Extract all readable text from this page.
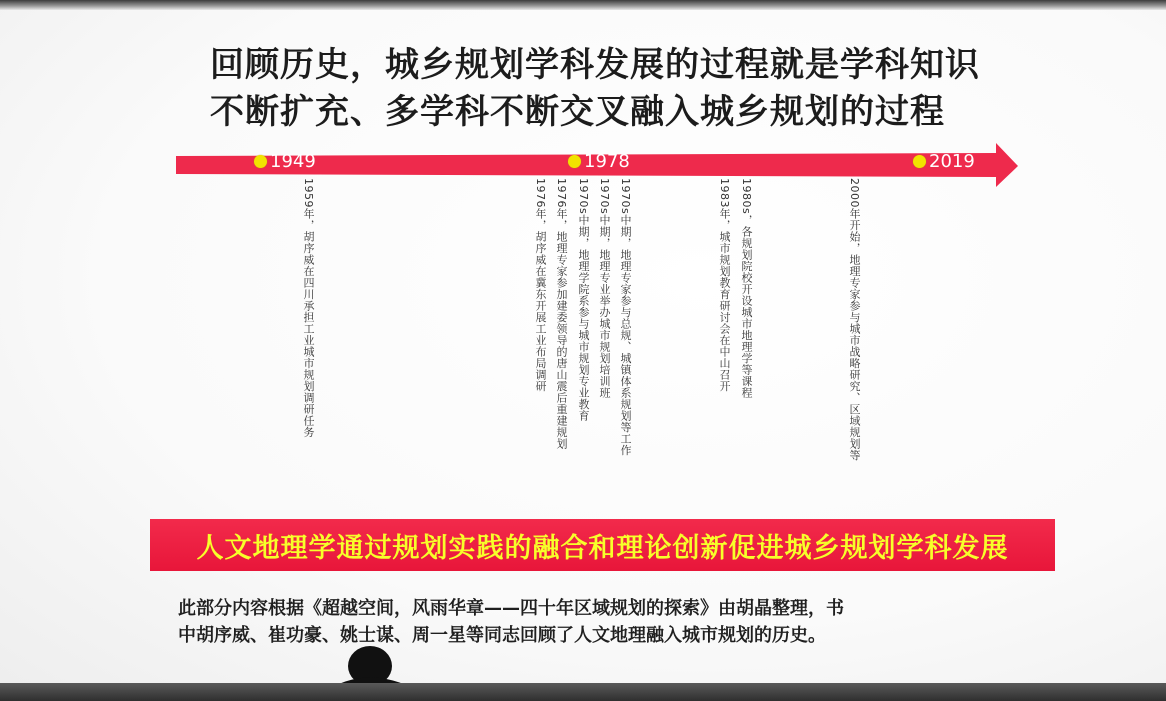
回顾历史，城乡规划学科发展的过程就是学科知识
不断扩充、多学科不断交叉融入城乡规划的过程
1949	1978	2019
1959年，胡序威在四川承担工业城市规划调研任务	1976年，胡序威在冀东开展工业布局调研 1976年，地理专家参加建委领导的唐山震后重建规划 1970s中期，地理学院系参与城市规划专业教育 1970s中期，地理专业举办城市规划培训班 1970s中期，地理专家参与总规、城镇体系规划等工作	1983年，城市规划教育研讨会在中山召开 1980s，各规划院校开设城市地理学等课程	2000年开始，地理专家参与城市战略研究、区域规划等
人文地理学通过规划实践的融合和理论创新促进城乡规划学科发展
此部分内容根据《超越空间，风雨华章——四十年区域规划的探索》由胡晶整理，书
中胡序威、崔功豪、姚士谋、周一星等同志回顾了人文地理融入城市规划的历史。
